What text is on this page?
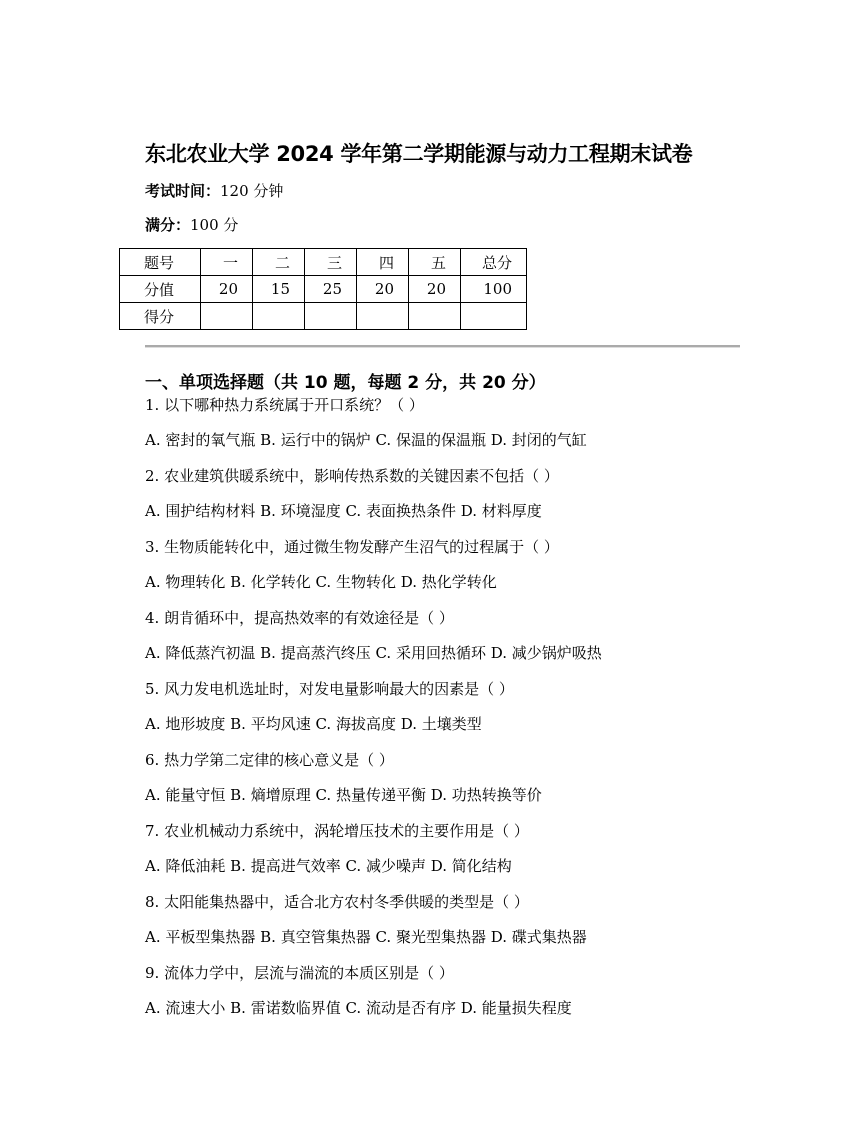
东北农业大学 2024 学年第二学期能源与动力工程期末试卷
考试时间：120 分钟
满分：100 分
题号	一	二	三	四	五	总分
分值	20	15	25	20	20	100
得分						
一、单项选择题（共 10 题，每题 2 分，共 20 分）
1. 以下哪种热力系统属于开口系统？（ ）
A. 密封的氧气瓶 B. 运行中的锅炉 C. 保温的保温瓶 D. 封闭的气缸
2. 农业建筑供暖系统中，影响传热系数的关键因素不包括（ ）
A. 围护结构材料 B. 环境湿度 C. 表面换热条件 D. 材料厚度
3. 生物质能转化中，通过微生物发酵产生沼气的过程属于（ ）
A. 物理转化 B. 化学转化 C. 生物转化 D. 热化学转化
4. 朗肯循环中，提高热效率的有效途径是（ ）
A. 降低蒸汽初温 B. 提高蒸汽终压 C. 采用回热循环 D. 减少锅炉吸热
5. 风力发电机选址时，对发电量影响最大的因素是（ ）
A. 地形坡度 B. 平均风速 C. 海拔高度 D. 土壤类型
6. 热力学第二定律的核心意义是（ ）
A. 能量守恒 B. 熵增原理 C. 热量传递平衡 D. 功热转换等价
7. 农业机械动力系统中，涡轮增压技术的主要作用是（ ）
A. 降低油耗 B. 提高进气效率 C. 减少噪声 D. 简化结构
8. 太阳能集热器中，适合北方农村冬季供暖的类型是（ ）
A. 平板型集热器 B. 真空管集热器 C. 聚光型集热器 D. 碟式集热器
9. 流体力学中，层流与湍流的本质区别是（ ）
A. 流速大小 B. 雷诺数临界值 C. 流动是否有序 D. 能量损失程度
